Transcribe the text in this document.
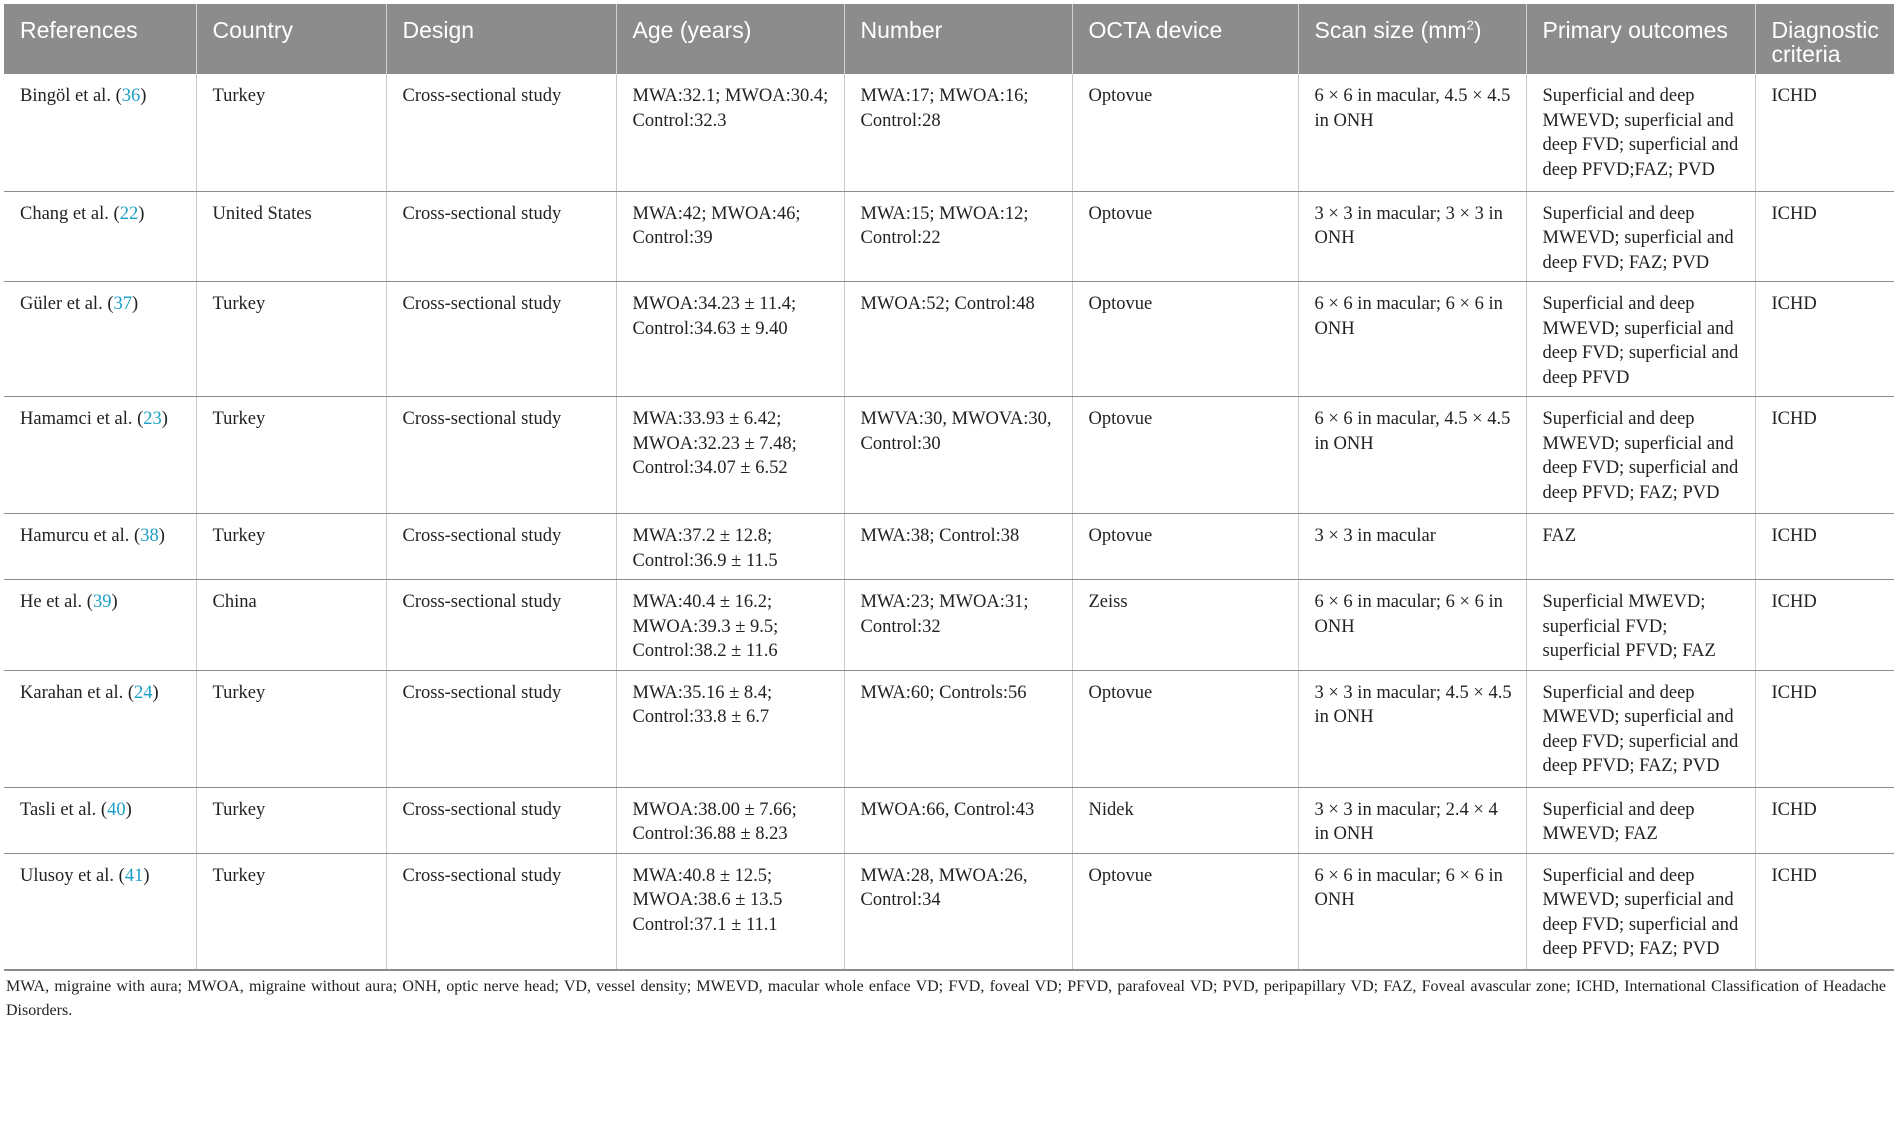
References	Country	Design	Age (years)	Number	OCTA device	Scan size $(mm^2)$	Primary outcomes	Diagnostic criteria
Bingöl et al. (36)	Turkey	Cross-sectional study	MWA:32.1; MWOA:30.4; Control:32.3	MWA:17; MWOA:16; Control:28	Optovue	6 × 6 in macular, 4.5 × 4.5 in ONH	Superficial and deep MWEVD; superficial and deep FVD; superficial and deep PFVD;FAZ; PVD	ICHD
Chang et al. (22)	United States	Cross-sectional study	MWA:42; MWOA:46; Control:39	MWA:15; MWOA:12; Control:22	Optovue	3 × 3 in macular; 3 × 3 in ONH	Superficial and deep MWEVD; superficial and deep FVD; FAZ; PVD	ICHD
Güler et al. (37)	Turkey	Cross-sectional study	MWOA:34.23 ± 11.4; Control:34.63 ± 9.40	MWOA:52; Control:48	Optovue	6 × 6 in macular; 6 × 6 in ONH	Superficial and deep MWEVD; superficial and deep FVD; superficial and deep PFVD	ICHD
Hamamci et al. (23)	Turkey	Cross-sectional study	MWA:33.93 ± 6.42; MWOA:32.23 ± 7.48; Control:34.07 ± 6.52	MWVA:30, MWOVA:30, Control:30	Optovue	6 × 6 in macular, 4.5 × 4.5 in ONH	Superficial and deep MWEVD; superficial and deep FVD; superficial and deep PFVD; FAZ; PVD	ICHD
Hamurcu et al. (38)	Turkey	Cross-sectional study	MWA:37.2 ± 12.8; Control:36.9 ± 11.5	MWA:38; Control:38	Optovue	3 × 3 in macular	FAZ	ICHD
He et al. (39)	China	Cross-sectional study	MWA:40.4 ± 16.2; MWOA:39.3 ± 9.5; Control:38.2 ± 11.6	MWA:23; MWOA:31; Control:32	Zeiss	6 × 6 in macular; 6 × 6 in ONH	Superficial MWEVD; superficial FVD; superficial PFVD; FAZ	ICHD
Karahan et al. (24)	Turkey	Cross-sectional study	MWA:35.16 ± 8.4; Control:33.8 ± 6.7	MWA:60; Controls:56	Optovue	3 × 3 in macular; 4.5 × 4.5 in ONH	Superficial and deep MWEVD; superficial and deep FVD; superficial and deep PFVD; FAZ; PVD	ICHD
Tasli et al. (40)	Turkey	Cross-sectional study	MWOA:38.00 ± 7.66; Control:36.88 ± 8.23	MWOA:66, Control:43	Nidek	3 × 3 in macular; 2.4 × 4 in ONH	Superficial and deep MWEVD; FAZ	ICHD
Ulusoy et al. (41)	Turkey	Cross-sectional study	MWA:40.8 ± 12.5; MWOA:38.6 ± 13.5 Control:37.1 ± 11.1	MWA:28, MWOA:26, Control:34	Optovue	6 × 6 in macular; 6 × 6 in ONH	Superficial and deep MWEVD; superficial and deep FVD; superficial and deep PFVD; FAZ; PVD	ICHD
MWA, migraine with aura; MWOA, migraine without aura; ONH, optic nerve head; VD, vessel density; MWEVD, macular whole enface VD; FVD, foveal VD; PFVD, parafoveal VD; PVD, peripapillary VD; FAZ, Foveal avascular zone; ICHD, International Classification of Headache Disorders.
